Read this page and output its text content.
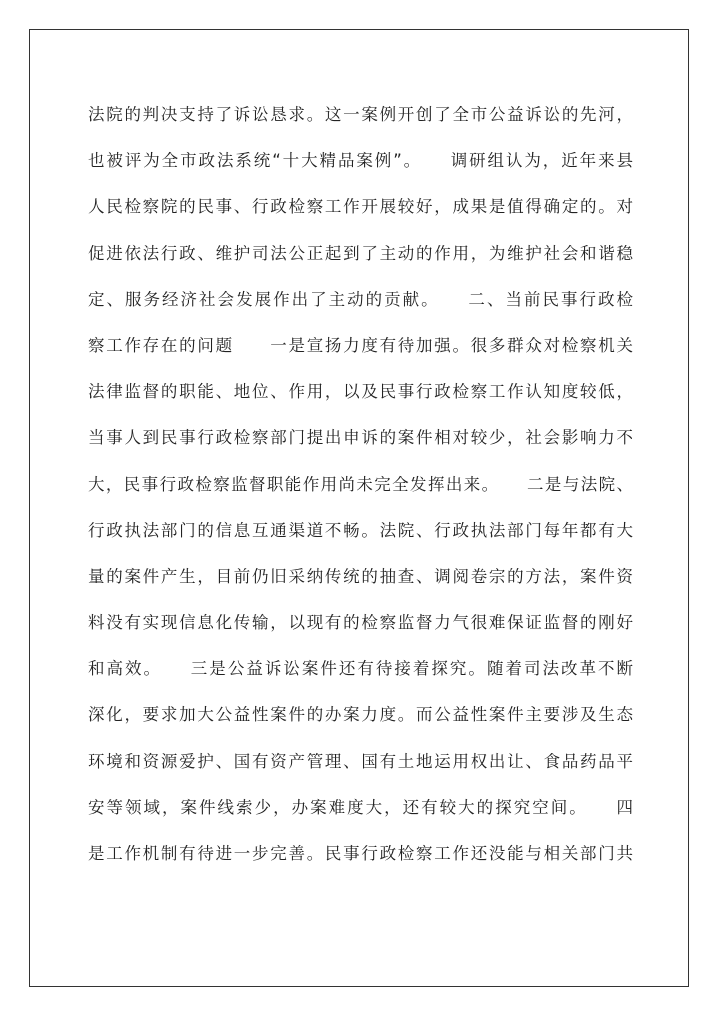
法院的判决支持了诉讼恳求。这一案例开创了全市公益诉讼的先河，

也被评为全市政法系统“十大精品案例”。　　调研组认为，近年来县

人民检察院的民事、行政检察工作开展较好，成果是值得确定的。对

促进依法行政、维护司法公正起到了主动的作用，为维护社会和谐稳

定、服务经济社会发展作出了主动的贡献。　　二、当前民事行政检

察工作存在的问题　　一是宣扬力度有待加强。很多群众对检察机关

法律监督的职能、地位、作用，以及民事行政检察工作认知度较低，

当事人到民事行政检察部门提出申诉的案件相对较少，社会影响力不

大，民事行政检察监督职能作用尚未完全发挥出来。　　二是与法院、

行政执法部门的信息互通渠道不畅。法院、行政执法部门每年都有大

量的案件产生，目前仍旧采纳传统的抽查、调阅卷宗的方法，案件资

料没有实现信息化传输，以现有的检察监督力气很难保证监督的刚好

和高效。　　三是公益诉讼案件还有待接着探究。随着司法改革不断

深化，要求加大公益性案件的办案力度。而公益性案件主要涉及生态

环境和资源爱护、国有资产管理、国有土地运用权出让、食品药品平

安等领域，案件线索少，办案难度大，还有较大的探究空间。　　四

是工作机制有待进一步完善。民事行政检察工作还没能与相关部门共
